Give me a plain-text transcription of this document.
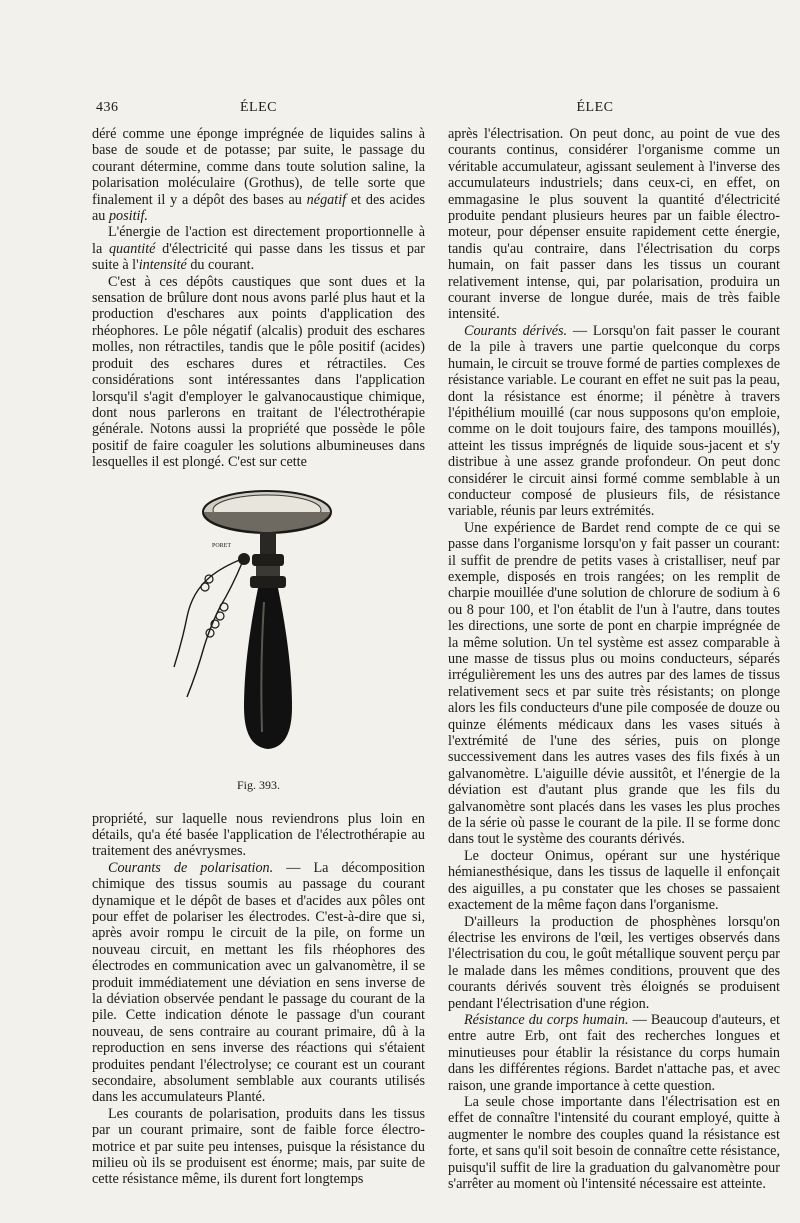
436	ÉLEC	ÉLEC

déré comme une éponge imprégnée de liquides salins à base de soude et de potasse; par suite, le passage du courant détermine, comme dans toute solution saline, la polarisation moléculaire (Grothus), de telle sorte que finalement il y a dépôt des bases au négatif et des acides au positif.

L'énergie de l'action est directement proportionnelle à la quantité d'électricité qui passe dans les tissus et par suite à l'intensité du courant.

C'est à ces dépôts caustiques que sont dues et la sensation de brûlure dont nous avons parlé plus haut et la production d'eschares aux points d'application des rhéophores. Le pôle négatif (alcalis) produit des eschares molles, non rétractiles, tandis que le pôle positif (acides) produit des eschares dures et rétractiles. Ces considérations sont intéressantes dans l'application lorsqu'il s'agit d'employer le galvanocaustique chimique, dont nous parlerons en traitant de l'électrothérapie générale. Notons aussi la propriété que possède le pôle positif de faire coaguler les solutions albumineuses dans lesquelles il est plongé. C'est sur cette

PORET
Fig. 393.

propriété, sur laquelle nous reviendrons plus loin en détails, qu'a été basée l'application de l'électrothérapie au traitement des anévrysmes.

Courants de polarisation. — La décomposition chimique des tissus soumis au passage du courant dynamique et le dépôt de bases et d'acides aux pôles ont pour effet de polariser les électrodes. C'est-à-dire que si, après avoir rompu le circuit de la pile, on forme un nouveau circuit, en mettant les fils rhéophores des électrodes en communication avec un galvanomètre, il se produit immédiatement une déviation en sens inverse de la déviation observée pendant le passage du courant de la pile. Cette indication dénote le passage d'un courant nouveau, de sens contraire au courant primaire, dû à la reproduction en sens inverse des réactions qui s'étaient produites pendant l'électrolyse; ce courant est un courant secondaire, absolument semblable aux courants utilisés dans les accumulateurs Planté.

Les courants de polarisation, produits dans les tissus par un courant primaire, sont de faible force électro-motrice et par suite peu intenses, puisque la résistance du milieu où ils se produisent est énorme; mais, par suite de cette résistance même, ils durent fort longtemps

après l'électrisation. On peut donc, au point de vue des courants continus, considérer l'organisme comme un véritable accumulateur, agissant seulement à l'inverse des accumulateurs industriels; dans ceux-ci, en effet, on emmagasine le plus souvent la quantité d'électricité produite pendant plusieurs heures par un faible électro-moteur, pour dépenser ensuite rapidement cette énergie, tandis qu'au contraire, dans l'électrisation du corps humain, on fait passer dans les tissus un courant relativement intense, qui, par polarisation, produira un courant inverse de longue durée, mais de très faible intensité.

Courants dérivés. — Lorsqu'on fait passer le courant de la pile à travers une partie quelconque du corps humain, le circuit se trouve formé de parties complexes de résistance variable. Le courant en effet ne suit pas la peau, dont la résistance est énorme; il pénètre à travers l'épithélium mouillé (car nous supposons qu'on emploie, comme on le doit toujours faire, des tampons mouillés), atteint les tissus imprégnés de liquide sous-jacent et s'y distribue à une assez grande profondeur. On peut donc considérer le circuit ainsi formé comme semblable à un conducteur composé de plusieurs fils, de résistance variable, réunis par leurs extrémités.

Une expérience de Bardet rend compte de ce qui se passe dans l'organisme lorsqu'on y fait passer un courant: il suffit de prendre de petits vases à cristalliser, neuf par exemple, disposés en trois rangées; on les remplit de charpie mouillée d'une solution de chlorure de sodium à 6 ou 8 pour 100, et l'on établit de l'un à l'autre, dans toutes les directions, une sorte de pont en charpie imprégnée de la même solution. Un tel système est assez comparable à une masse de tissus plus ou moins conducteurs, séparés irrégulièrement les uns des autres par des lames de tissus relativement secs et par suite très résistants; on plonge alors les fils conducteurs d'une pile composée de douze ou quinze éléments médicaux dans les vases situés à l'extrémité de l'une des séries, puis on plonge successivement dans les autres vases des fils fixés à un galvanomètre. L'aiguille dévie aussitôt, et l'énergie de la déviation est d'autant plus grande que les fils du galvanomètre sont placés dans les vases les plus proches de la série où passe le courant de la pile. Il se forme donc dans tout le système des courants dérivés.

Le docteur Onimus, opérant sur une hystérique hémianesthésique, dans les tissus de laquelle il enfonçait des aiguilles, a pu constater que les choses se passaient exactement de la même façon dans l'organisme.

D'ailleurs la production de phosphènes lorsqu'on électrise les environs de l'œil, les vertiges observés dans l'électrisation du cou, le goût métallique souvent perçu par le malade dans les mêmes conditions, prouvent que des courants dérivés souvent très éloignés se produisent pendant l'électrisation d'une région.

Résistance du corps humain. — Beaucoup d'auteurs, et entre autre Erb, ont fait des recherches longues et minutieuses pour établir la résistance du corps humain dans les différentes régions. Bardet n'attache pas, et avec raison, une grande importance à cette question.

La seule chose importante dans l'électrisation est en effet de connaître l'intensité du courant employé, quitte à augmenter le nombre des couples quand la résistance est forte, et sans qu'il soit besoin de connaître cette résistance, puisqu'il suffit de lire la graduation du galvanomètre pour s'arrêter au moment où l'intensité nécessaire est atteinte.
